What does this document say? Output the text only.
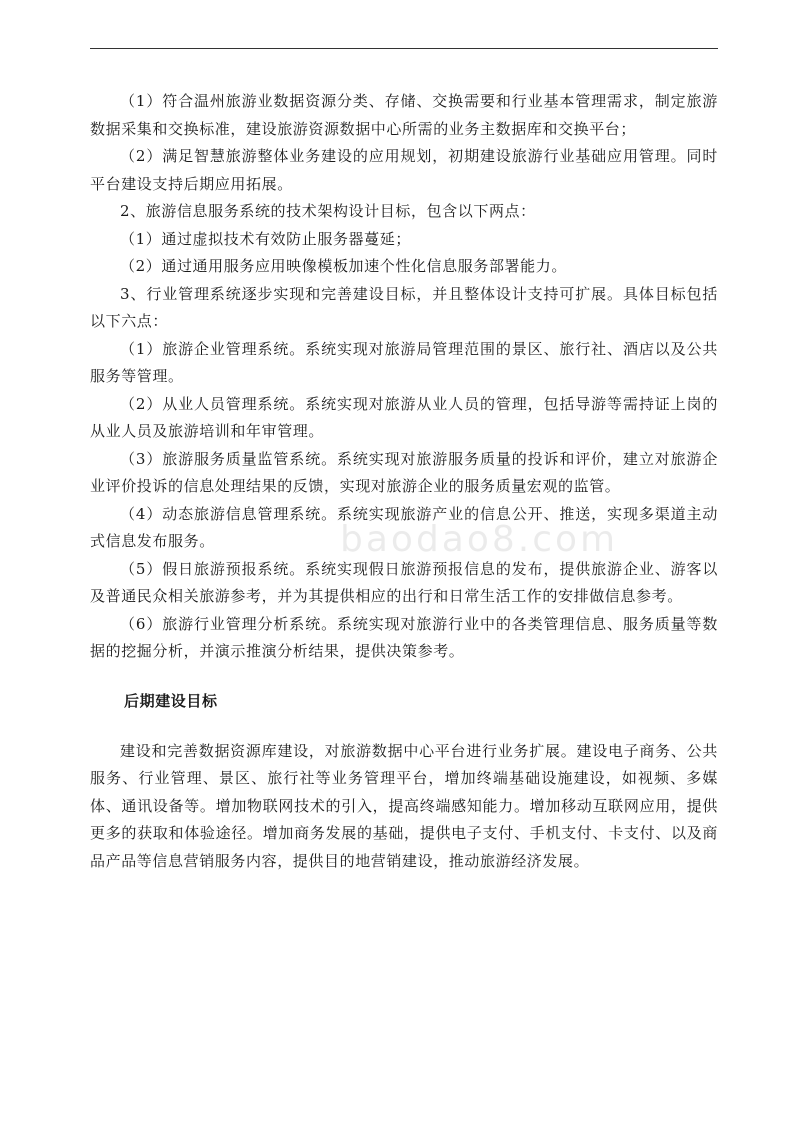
（1）符合温州旅游业数据资源分类、存储、交换需要和行业基本管理需求，制定旅游数据采集和交换标准，建设旅游资源数据中心所需的业务主数据库和交换平台；

（2）满足智慧旅游整体业务建设的应用规划，初期建设旅游行业基础应用管理。同时平台建设支持后期应用拓展。

2、旅游信息服务系统的技术架构设计目标，包含以下两点：

（1）通过虚拟技术有效防止服务器蔓延；

（2）通过通用服务应用映像模板加速个性化信息服务部署能力。

3、行业管理系统逐步实现和完善建设目标，并且整体设计支持可扩展。具体目标包括以下六点：

（1）旅游企业管理系统。系统实现对旅游局管理范围的景区、旅行社、酒店以及公共服务等管理。

（2）从业人员管理系统。系统实现对旅游从业人员的管理，包括导游等需持证上岗的从业人员及旅游培训和年审管理。

（3）旅游服务质量监管系统。系统实现对旅游服务质量的投诉和评价，建立对旅游企业评价投诉的信息处理结果的反馈，实现对旅游企业的服务质量宏观的监管。

（4）动态旅游信息管理系统。系统实现旅游产业的信息公开、推送，实现多渠道主动式信息发布服务。

（5）假日旅游预报系统。系统实现假日旅游预报信息的发布，提供旅游企业、游客以及普通民众相关旅游参考，并为其提供相应的出行和日常生活工作的安排做信息参考。

（6）旅游行业管理分析系统。系统实现对旅游行业中的各类管理信息、服务质量等数据的挖掘分析，并演示推演分析结果，提供决策参考。

后期建设目标

建设和完善数据资源库建设，对旅游数据中心平台进行业务扩展。建设电子商务、公共服务、行业管理、景区、旅行社等业务管理平台，增加终端基础设施建设，如视频、多媒体、通讯设备等。增加物联网技术的引入，提高终端感知能力。增加移动互联网应用，提供更多的获取和体验途径。增加商务发展的基础，提供电子支付、手机支付、卡支付、以及商品产品等信息营销服务内容，提供目的地营销建设，推动旅游经济发展。

baodao8.com
